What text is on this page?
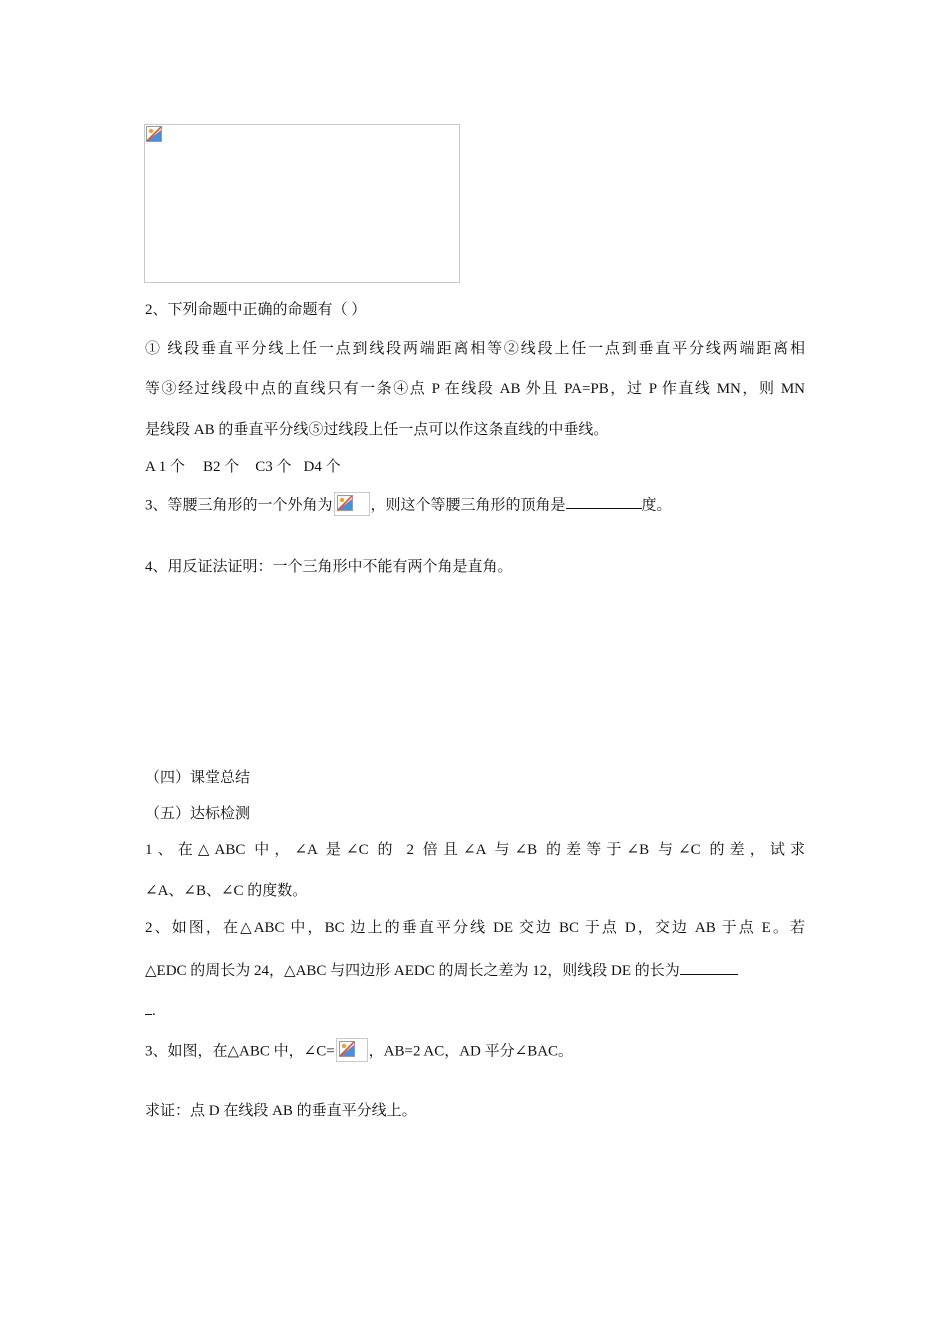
2、下列命题中正确的命题有（ ）
① 线段垂直平分线上任一点到线段两端距离相等②线段上任一点到垂直平分线两端距离相
等③经过线段中点的直线只有一条④点 P 在线段 AB 外且 PA=PB，过 P 作直线 MN，则 MN
是线段 AB 的垂直平分线⑤过线段上任一点可以作这条直线的中垂线。
A 1 个 B2 个 C3 个 D4 个
3、等腰三角形的一个外角为	，则这个等腰三角形的顶角是	度。
4、用反证法证明：一个三角形中不能有两个角是直角。
（四）课堂总结
（五）达标检测
1、在△ABC 中，∠A 是∠C 的 2 倍且∠A 与∠B 的差等于∠B 与∠C 的差，试求
∠A、∠B、∠C 的度数。
2、如图，在△ABC 中，BC 边上的垂直平分线 DE 交边 BC 于点 D，交边 AB 于点 E。若
△EDC 的周长为 24，△ABC 与四边形 AEDC 的周长之差为 12，则线段 DE 的长为
.
3、如图，在△ABC 中，∠C= ，AB=2 AC，AD 平分∠BAC。
求证：点 D 在线段 AB 的垂直平分线上。
